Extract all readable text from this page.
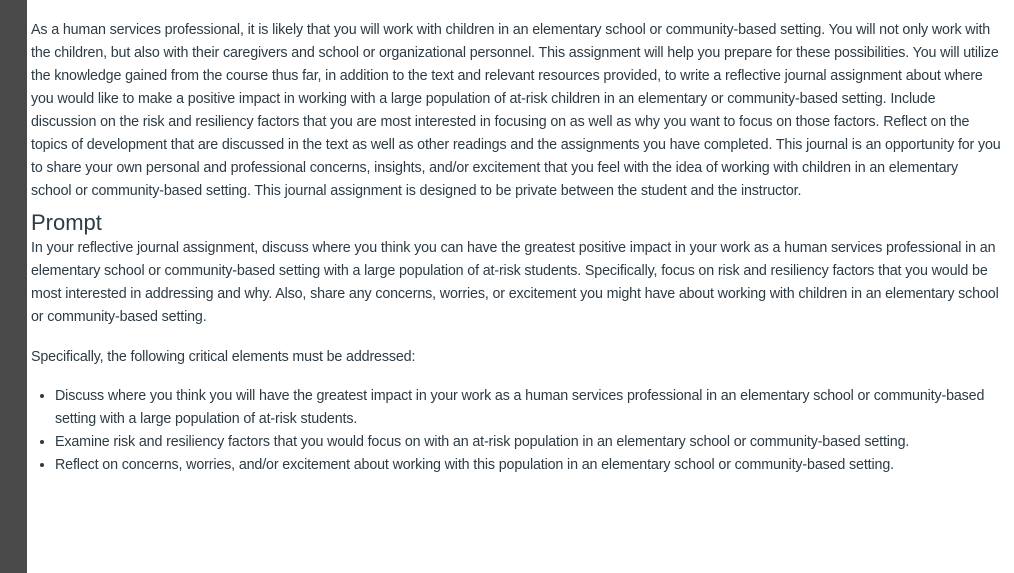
As a human services professional, it is likely that you will work with children in an elementary school or community-based setting. You will not only work with the children, but also with their caregivers and school or organizational personnel. This assignment will help you prepare for these possibilities. You will utilize the knowledge gained from the course thus far, in addition to the text and relevant resources provided, to write a reflective journal assignment about where you would like to make a positive impact in working with a large population of at-risk children in an elementary or community-based setting. Include discussion on the risk and resiliency factors that you are most interested in focusing on as well as why you want to focus on those factors. Reflect on the topics of development that are discussed in the text as well as other readings and the assignments you have completed. This journal is an opportunity for you to share your own personal and professional concerns, insights, and/or excitement that you feel with the idea of working with children in an elementary school or community-based setting. This journal assignment is designed to be private between the student and the instructor.

Prompt

In your reflective journal assignment, discuss where you think you can have the greatest positive impact in your work as a human services professional in an elementary school or community-based setting with a large population of at-risk students. Specifically, focus on risk and resiliency factors that you would be most interested in addressing and why. Also, share any concerns, worries, or excitement you might have about working with children in an elementary school or community-based setting.

Specifically, the following critical elements must be addressed:

• Discuss where you think you will have the greatest impact in your work as a human services professional in an elementary school or community-based setting with a large population of at-risk students.
• Examine risk and resiliency factors that you would focus on with an at-risk population in an elementary school or community-based setting.
• Reflect on concerns, worries, and/or excitement about working with this population in an elementary school or community-based setting.
